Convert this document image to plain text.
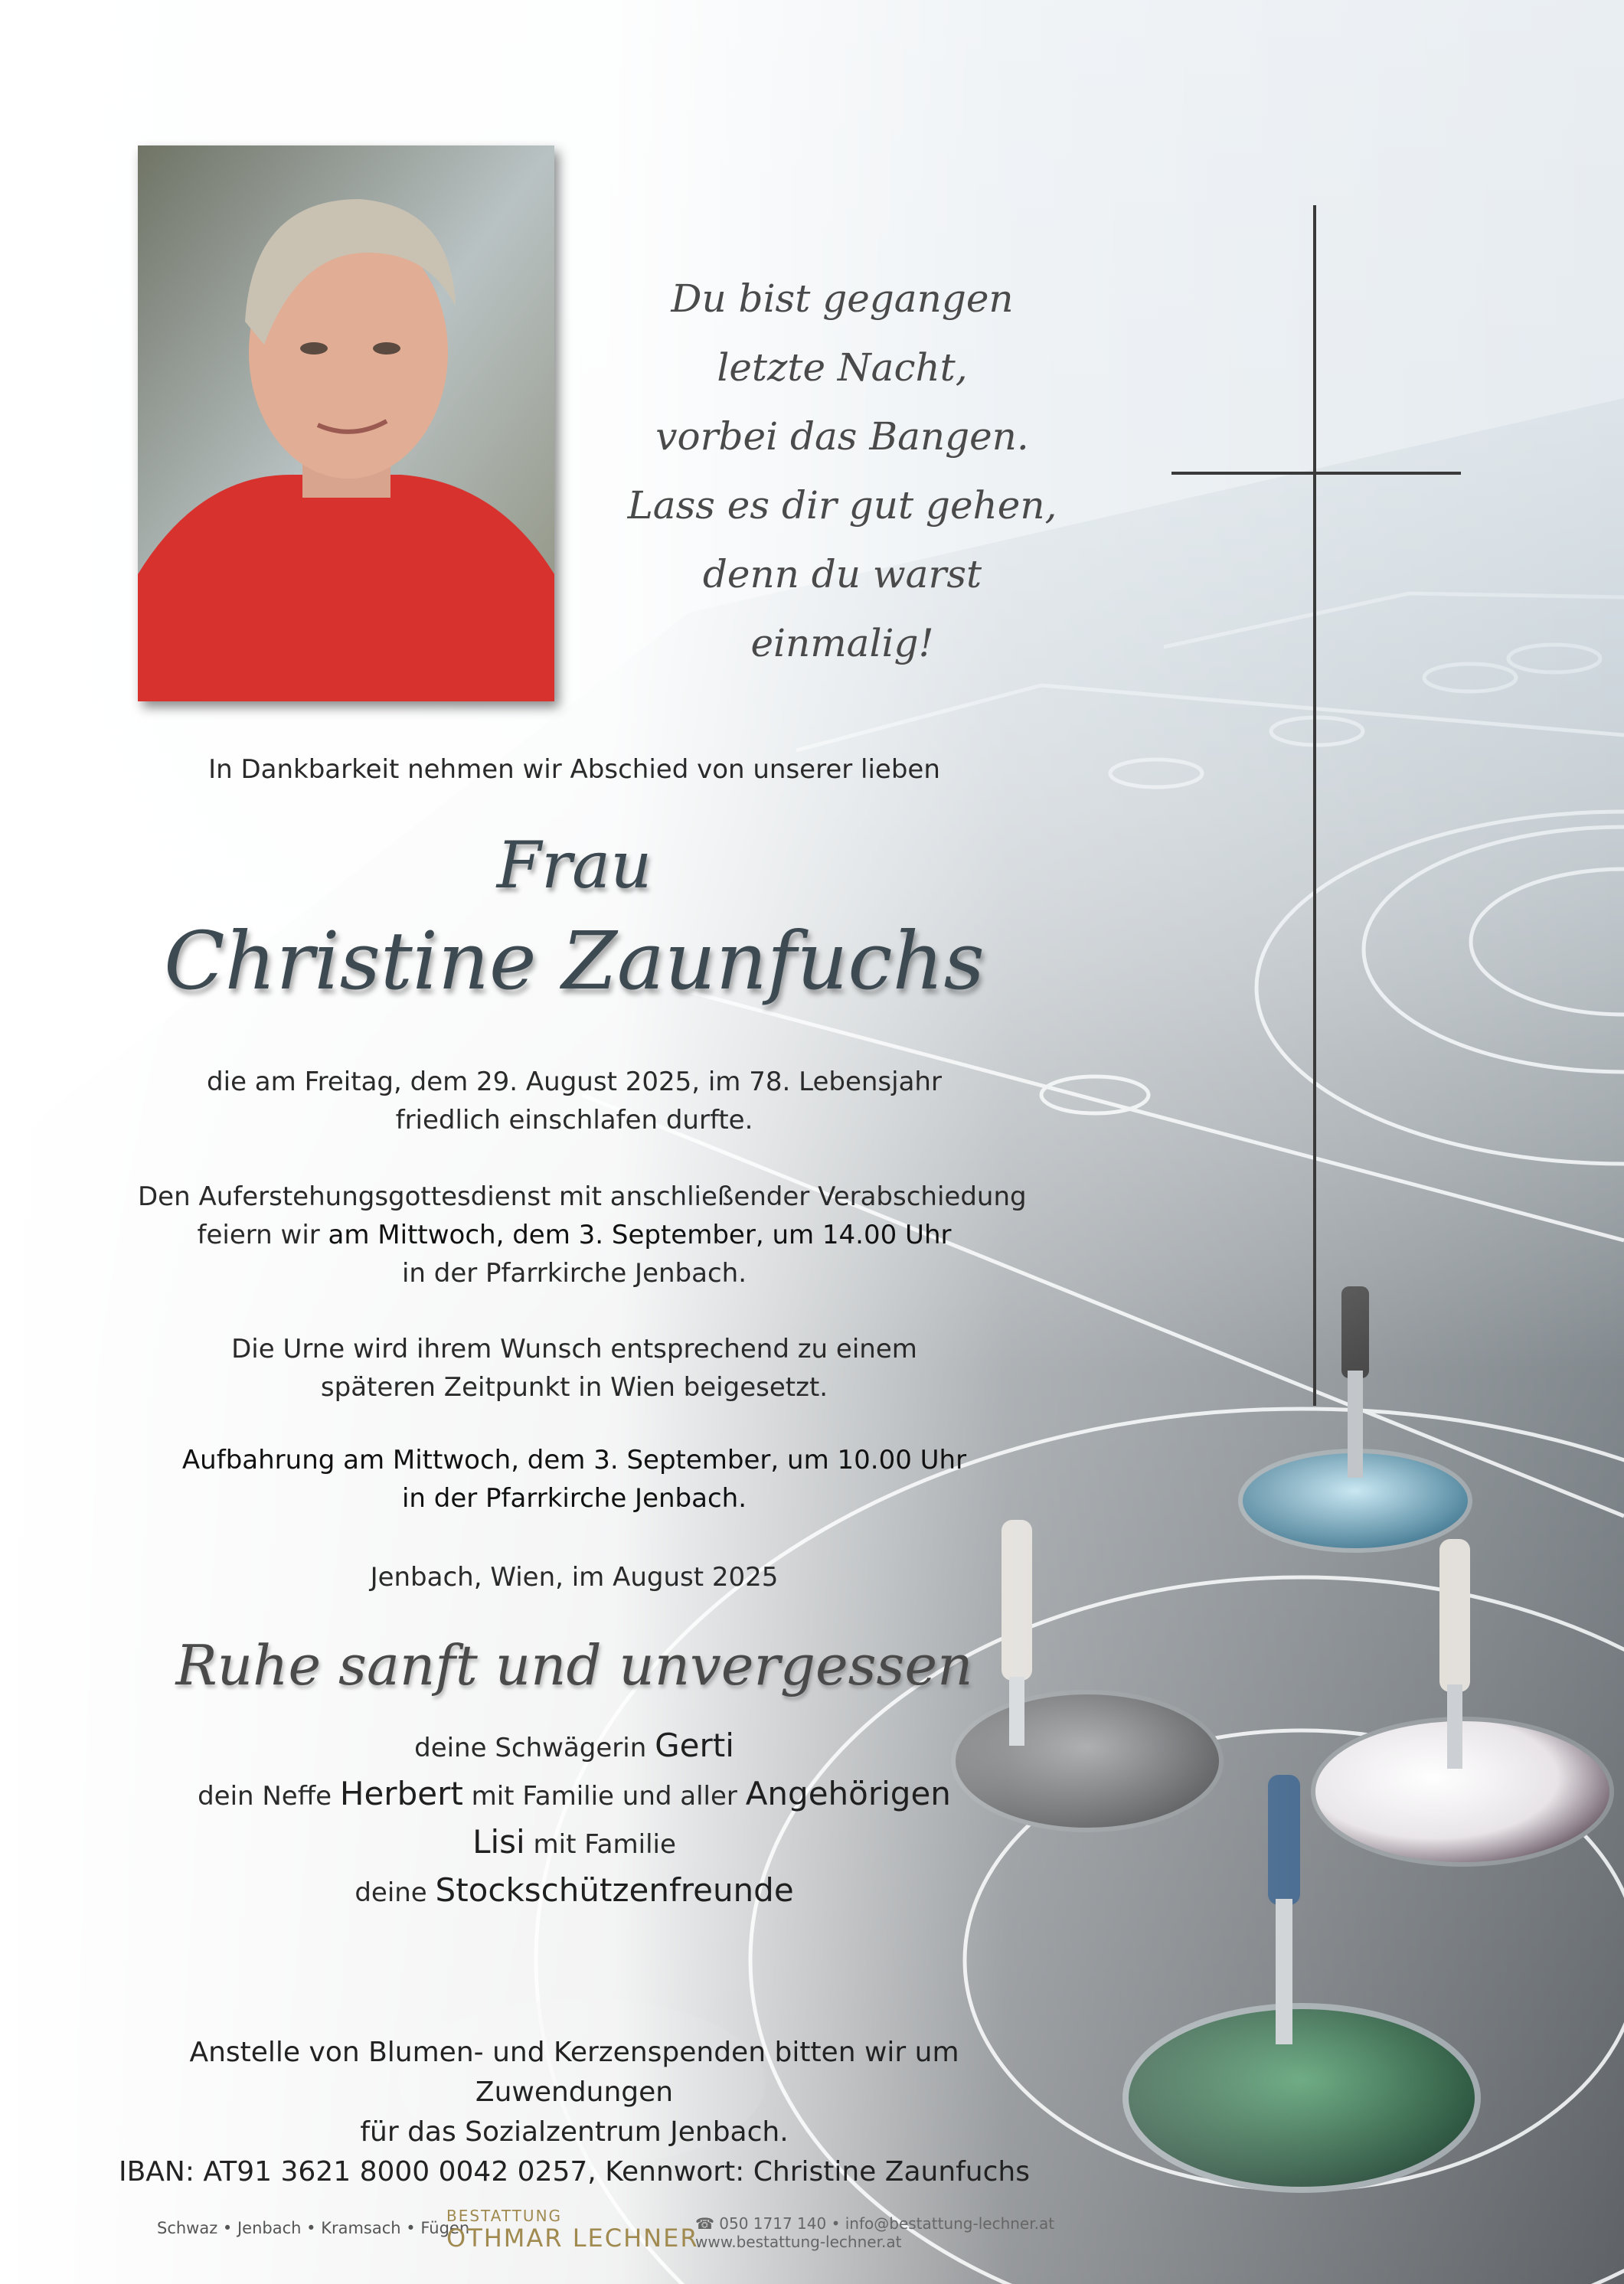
Du bist gegangen
letzte Nacht,
vorbei das Bangen.
Lass es dir gut gehen,
denn du warst
einmalig!
In Dankbarkeit nehmen wir Abschied von unserer lieben
Frau
Christine Zaunfuchs
die am Freitag, dem 29. August 2025, im 78. Lebensjahr
friedlich einschlafen durfte.
Den Auferstehungsgottesdienst mit anschließender Verabschiedung
feiern wir am Mittwoch, dem 3. September, um 14.00 Uhr
in der Pfarrkirche Jenbach.
Die Urne wird ihrem Wunsch entsprechend zu einem
späteren Zeitpunkt in Wien beigesetzt.
Aufbahrung am Mittwoch, dem 3. September, um 10.00 Uhr
in der Pfarrkirche Jenbach.
Jenbach, Wien, im August 2025
Ruhe sanft und unvergessen
deine Schwägerin Gerti
dein Neffe Herbert mit Familie und aller Angehörigen
Lisi mit Familie
deine Stockschützenfreunde
Anstelle von Blumen- und Kerzenspenden bitten wir um Zuwendungen
für das Sozialzentrum Jenbach.
IBAN: AT91 3621 8000 0042 0257, Kennwort: Christine Zaunfuchs
Schwaz • Jenbach • Kramsach • Fügen
BESTATTUNG
OTHMAR LECHNER
☎ 050 1717 140 • info@bestattung-lechner.at
www.bestattung-lechner.at
